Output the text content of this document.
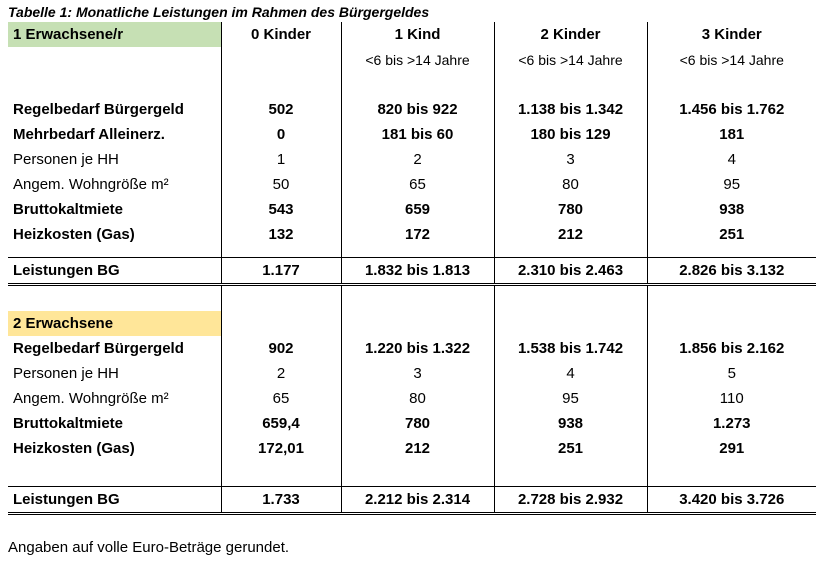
Tabelle 1: Monatliche Leistungen im Rahmen des Bürgergeldes
1 Erwachsene/r	0 Kinder	1 Kind	2 Kinder	3 Kinder
		<6 bis >14 Jahre	<6 bis >14 Jahre	<6 bis >14 Jahre

Regelbedarf Bürgergeld	502	820 bis 922	1.138 bis 1.342	1.456 bis 1.762
Mehrbedarf Alleinerz.	0	181 bis 60	180 bis 129	181
Personen je HH	1	2	3	4
Angem. Wohngröße m²	50	65	80	95
Bruttokaltmiete	543	659	780	938
Heizkosten (Gas)	132	172	212	251

Leistungen BG	1.177	1.832 bis 1.813	2.310 bis 2.463	2.826 bis 3.132

2 Erwachsene				
Regelbedarf Bürgergeld	902	1.220 bis 1.322	1.538 bis 1.742	1.856 bis 2.162
Personen je HH	2	3	4	5
Angem. Wohngröße m²	65	80	95	110
Bruttokaltmiete	659,4	780	938	1.273
Heizkosten (Gas)	172,01	212	251	291

Leistungen BG	1.733	2.212 bis 2.314	2.728 bis 2.932	3.420 bis 3.726
Angaben auf volle Euro-Beträge gerundet.
